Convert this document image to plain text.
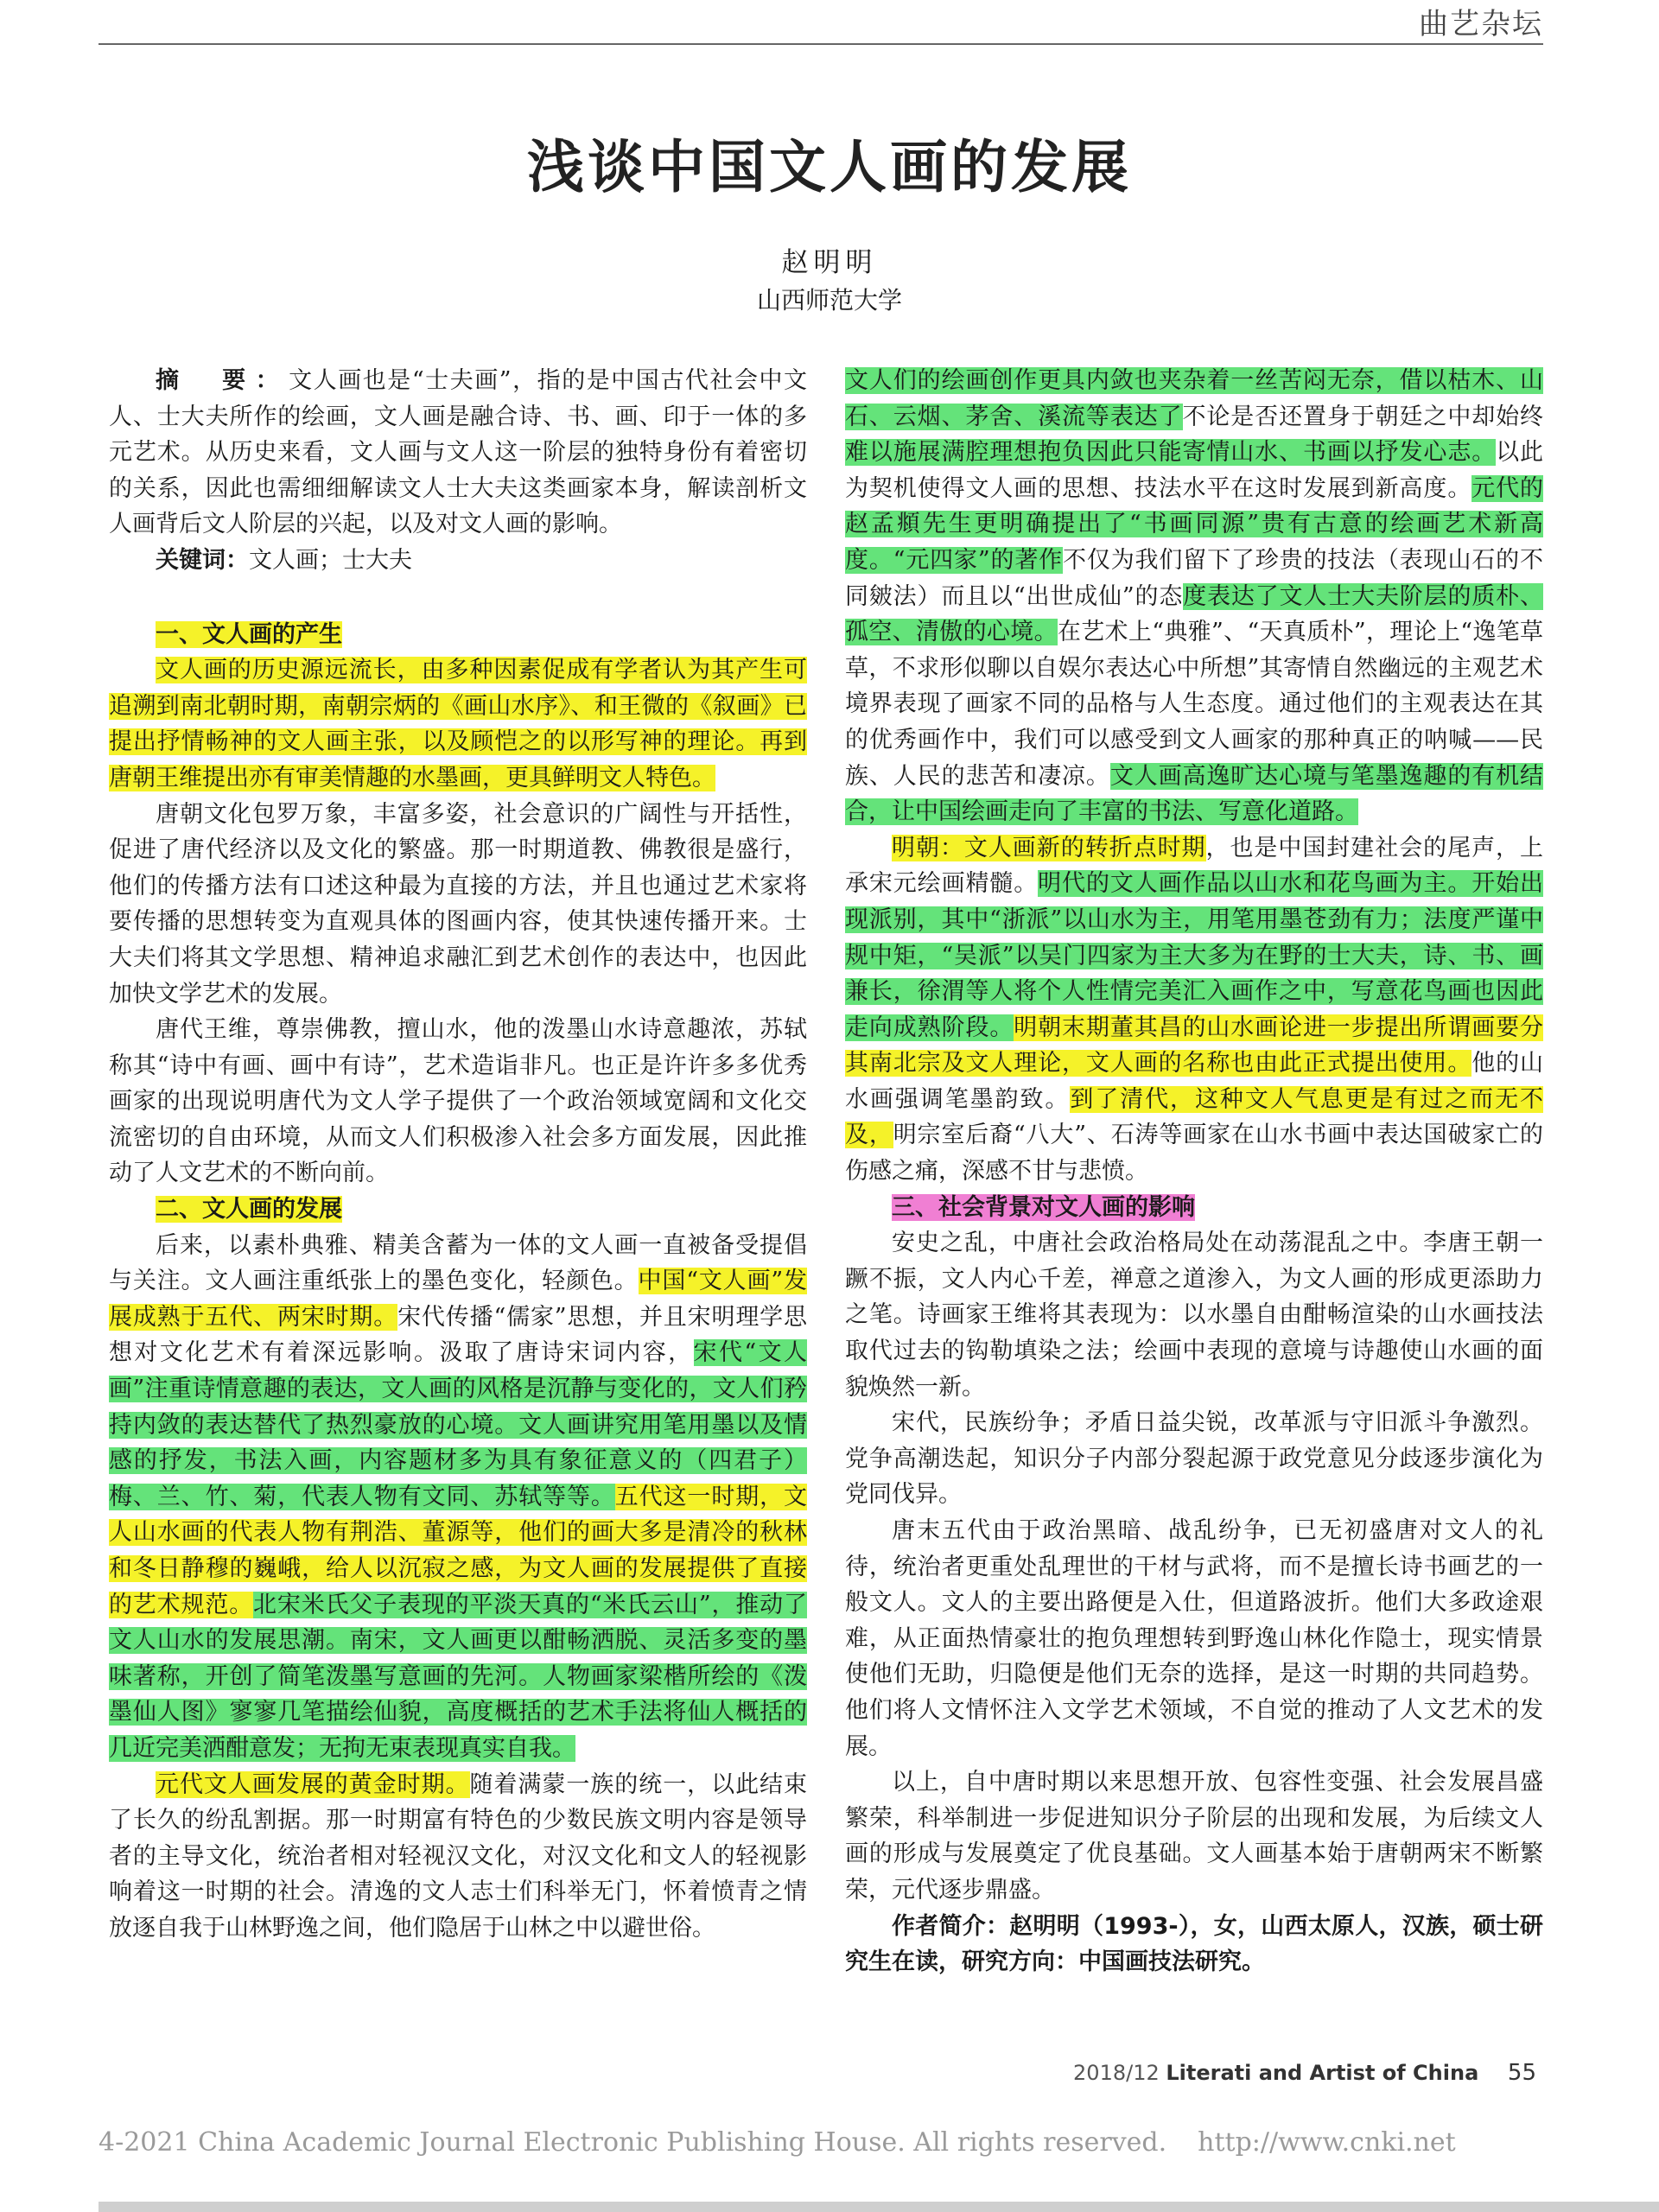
曲艺杂坛
浅谈中国文人画的发展
赵明明
山西师范大学

摘　要：文人画也是“士夫画”，指的是中国古代社会中文人、士大夫所作的绘画，文人画是融合诗、书、画、印于一体的多元艺术。从历史来看，文人画与文人这一阶层的独特身份有着密切的关系，因此也需细细解读文人士大夫这类画家本身，解读剖析文人画背后文人阶层的兴起，以及对文人画的影响。

关键词：文人画；士大夫

一、文人画的产生

文人画的历史源远流长，由多种因素促成有学者认为其产生可追溯到南北朝时期，南朝宗炳的《画山水序》、和王微的《叙画》已提出抒情畅神的文人画主张，以及顾恺之的以形写神的理论。再到唐朝王维提出亦有审美情趣的水墨画，更具鲜明文人特色。

唐朝文化包罗万象，丰富多姿，社会意识的广阔性与开括性，促进了唐代经济以及文化的繁盛。那一时期道教、佛教很是盛行，他们的传播方法有口述这种最为直接的方法，并且也通过艺术家将要传播的思想转变为直观具体的图画内容，使其快速传播开来。士大夫们将其文学思想、精神追求融汇到艺术创作的表达中，也因此加快文学艺术的发展。

唐代王维，尊崇佛教，擅山水，他的泼墨山水诗意趣浓，苏轼称其“诗中有画、画中有诗”，艺术造诣非凡。也正是许许多多优秀画家的出现说明唐代为文人学子提供了一个政治领域宽阔和文化交流密切的自由环境，从而文人们积极渗入社会多方面发展，因此推动了人文艺术的不断向前。

二、文人画的发展

后来，以素朴典雅、精美含蓄为一体的文人画一直被备受提倡与关注。文人画注重纸张上的墨色变化，轻颜色。中国“文人画”发展成熟于五代、两宋时期。宋代传播“儒家”思想，并且宋明理学思想对文化艺术有着深远影响。汲取了唐诗宋词内容，宋代“文人画”注重诗情意趣的表达，文人画的风格是沉静与变化的，文人们矜持内敛的表达替代了热烈豪放的心境。文人画讲究用笔用墨以及情感的抒发，书法入画，内容题材多为具有象征意义的（四君子）梅、兰、竹、菊，代表人物有文同、苏轼等等。五代这一时期，文人山水画的代表人物有荆浩、董源等，他们的画大多是清冷的秋林和冬日静穆的巍峨，给人以沉寂之感，为文人画的发展提供了直接的艺术规范。北宋米氏父子表现的平淡天真的“米氏云山”，推动了文人山水的发展思潮。南宋，文人画更以酣畅洒脱、灵活多变的墨味著称，开创了简笔泼墨写意画的先河。人物画家梁楷所绘的《泼墨仙人图》寥寥几笔描绘仙貌，高度概括的艺术手法将仙人概括的几近完美洒酣意发；无拘无束表现真实自我。

元代文人画发展的黄金时期。随着满蒙一族的统一，以此结束了长久的纷乱割据。那一时期富有特色的少数民族文明内容是领导者的主导文化，统治者相对轻视汉文化，对汉文化和文人的轻视影响着这一时期的社会。清逸的文人志士们科举无门，怀着愤青之情放逐自我于山林野逸之间，他们隐居于山林之中以避世俗。

文人们的绘画创作更具内敛也夹杂着一丝苦闷无奈，借以枯木、山石、云烟、茅舍、溪流等表达了不论是否还置身于朝廷之中却始终难以施展满腔理想抱负因此只能寄情山水、书画以抒发心志。以此为契机使得文人画的思想、技法水平在这时发展到新高度。元代的赵孟頫先生更明确提出了“书画同源”贵有古意的绘画艺术新高度。“元四家”的著作不仅为我们留下了珍贵的技法（表现山石的不同皴法）而且以“出世成仙”的态度表达了文人士大夫阶层的质朴、孤空、清傲的心境。在艺术上“典雅”、“天真质朴”，理论上“逸笔草草，不求形似聊以自娱尔表达心中所想”其寄情自然幽远的主观艺术境界表现了画家不同的品格与人生态度。通过他们的主观表达在其的优秀画作中，我们可以感受到文人画家的那种真正的呐喊——民族、人民的悲苦和凄凉。文人画高逸旷达心境与笔墨逸趣的有机结合，让中国绘画走向了丰富的书法、写意化道路。

明朝：文人画新的转折点时期，也是中国封建社会的尾声，上承宋元绘画精髓。明代的文人画作品以山水和花鸟画为主。开始出现派别，其中“浙派”以山水为主，用笔用墨苍劲有力；法度严谨中规中矩，“吴派”以吴门四家为主大多为在野的士大夫，诗、书、画兼长，徐渭等人将个人性情完美汇入画作之中，写意花鸟画也因此走向成熟阶段。明朝末期董其昌的山水画论进一步提出所谓画要分其南北宗及文人理论，文人画的名称也由此正式提出使用。他的山水画强调笔墨韵致。到了清代，这种文人气息更是有过之而无不及，明宗室后裔“八大”、石涛等画家在山水书画中表达国破家亡的伤感之痛，深感不甘与悲愤。

三、社会背景对文人画的影响

安史之乱，中唐社会政治格局处在动荡混乱之中。李唐王朝一蹶不振，文人内心千差，禅意之道渗入，为文人画的形成更添助力之笔。诗画家王维将其表现为：以水墨自由酣畅渲染的山水画技法取代过去的钩勒填染之法；绘画中表现的意境与诗趣使山水画的面貌焕然一新。

宋代，民族纷争；矛盾日益尖锐，改革派与守旧派斗争激烈。党争高潮迭起，知识分子内部分裂起源于政党意见分歧逐步演化为党同伐异。

唐末五代由于政治黑暗、战乱纷争，已无初盛唐对文人的礼待，统治者更重处乱理世的干材与武将，而不是擅长诗书画艺的一般文人。文人的主要出路便是入仕，但道路波折。他们大多政途艰难，从正面热情豪壮的抱负理想转到野逸山林化作隐士，现实情景使他们无助，归隐便是他们无奈的选择，是这一时期的共同趋势。他们将人文情怀注入文学艺术领域，不自觉的推动了人文艺术的发展。

以上，自中唐时期以来思想开放、包容性变强、社会发展昌盛繁荣，科举制进一步促进知识分子阶层的出现和发展，为后续文人画的形成与发展奠定了优良基础。文人画基本始于唐朝两宋不断繁荣，元代逐步鼎盛。

作者简介：赵明明（1993-），女，山西太原人，汉族，硕士研究生在读，研究方向：中国画技法研究。

2018/12 Literati and Artist of China 55
4-2021 China Academic Journal Electronic Publishing House. All rights reserved. http://www.cnki.net
